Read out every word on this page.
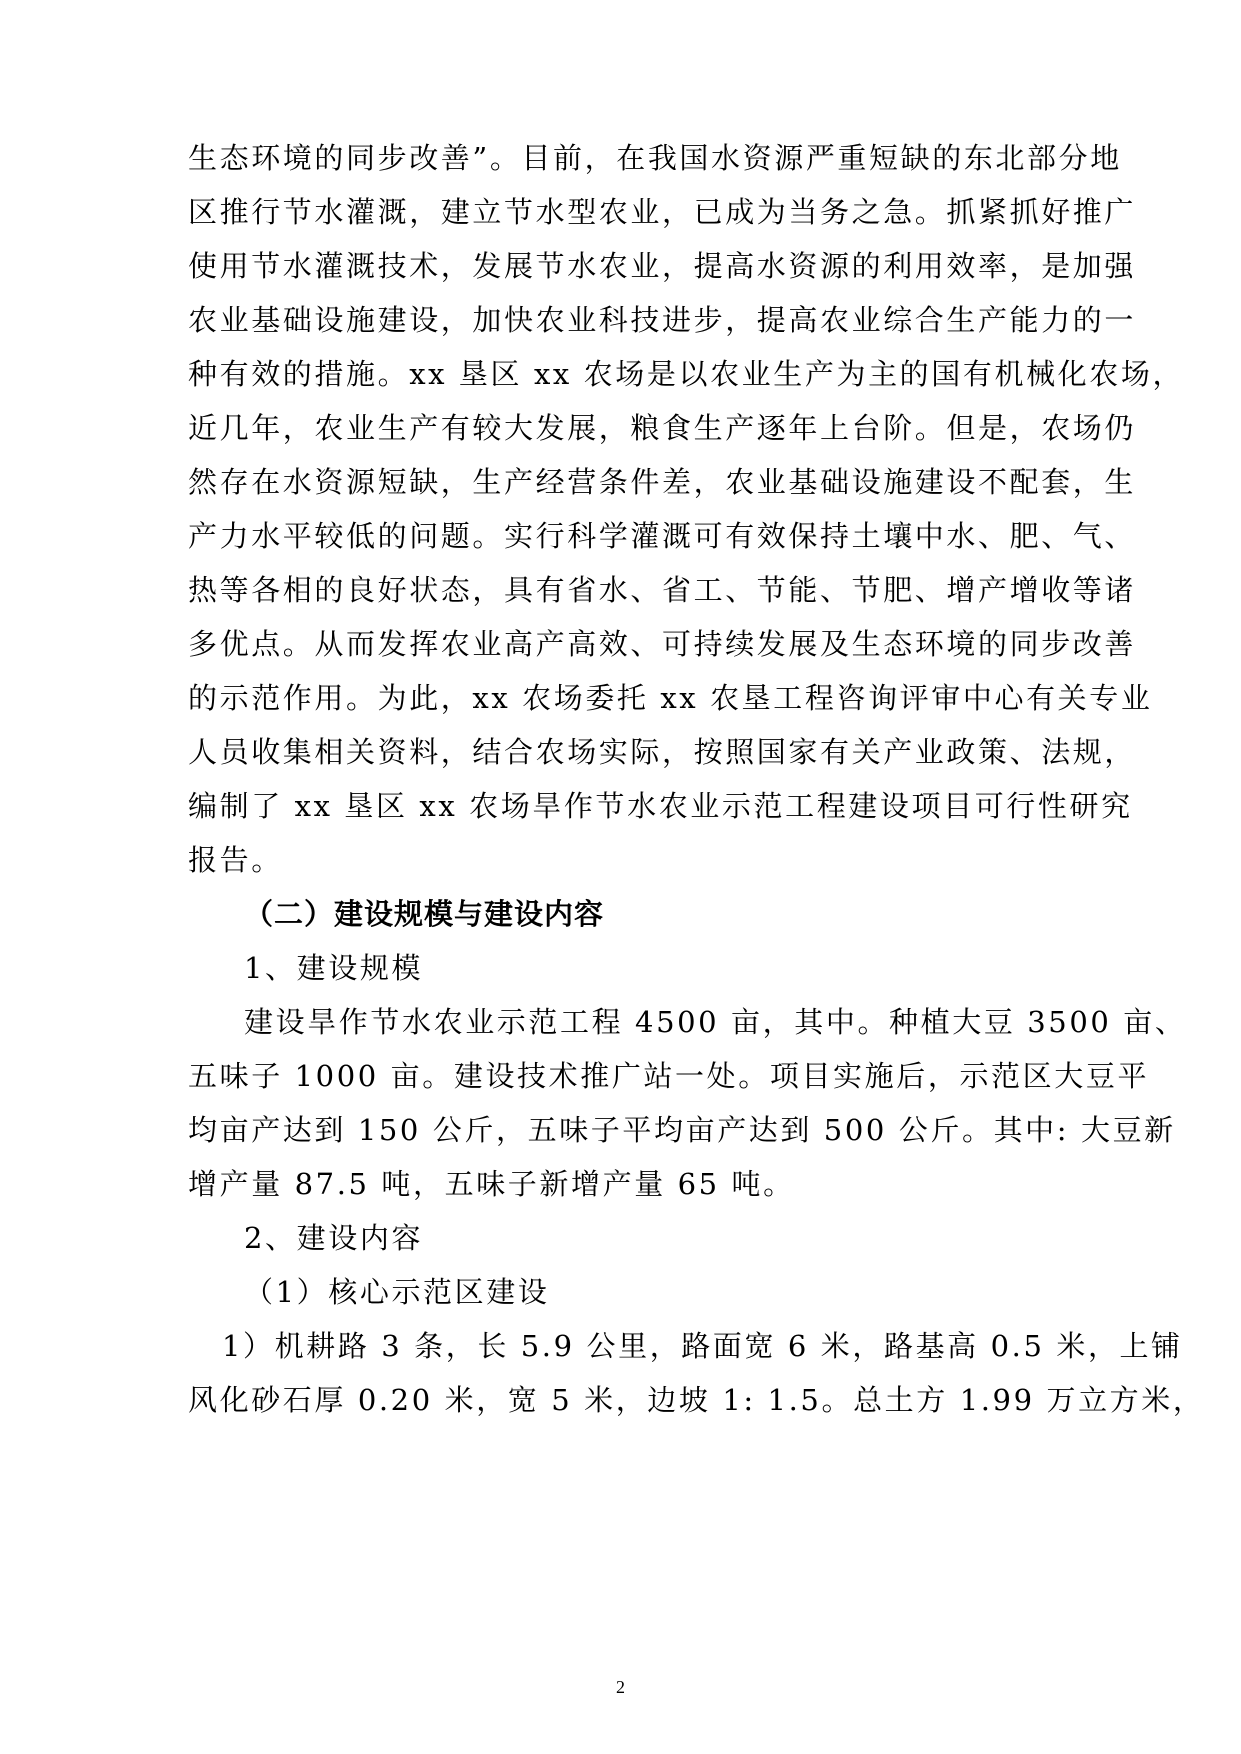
生态环境的同步改善”。目前，在我国水资源严重短缺的东北部分地
区推行节水灌溉，建立节水型农业，已成为当务之急。抓紧抓好推广
使用节水灌溉技术，发展节水农业，提高水资源的利用效率，是加强
农业基础设施建设，加快农业科技进步，提高农业综合生产能力的一
种有效的措施。xx 垦区 xx 农场是以农业生产为主的国有机械化农场，
近几年，农业生产有较大发展，粮食生产逐年上台阶。但是，农场仍
然存在水资源短缺，生产经营条件差，农业基础设施建设不配套，生
产力水平较低的问题。实行科学灌溉可有效保持土壤中水、肥、气、
热等各相的良好状态，具有省水、省工、节能、节肥、增产增收等诸
多优点。从而发挥农业高产高效、可持续发展及生态环境的同步改善
的示范作用。为此，xx 农场委托 xx 农垦工程咨询评审中心有关专业
人员收集相关资料，结合农场实际，按照国家有关产业政策、法规，
编制了 xx 垦区 xx 农场旱作节水农业示范工程建设项目可行性研究
报告。
（二）建设规模与建设内容
1、建设规模
建设旱作节水农业示范工程 4500 亩，其中。种植大豆 3500 亩、
五味子 1000 亩。建设技术推广站一处。项目实施后，示范区大豆平
均亩产达到 150 公斤，五味子平均亩产达到 500 公斤。其中: 大豆新
增产量 87.5 吨，五味子新增产量 65 吨。
2、建设内容
（1）核心示范区建设
1）机耕路 3 条，长 5.9 公里，路面宽 6 米，路基高 0.5 米，上铺
风化砂石厚 0.20 米，宽 5 米，边坡 1: 1.5。总土方 1.99 万立方米，
2
